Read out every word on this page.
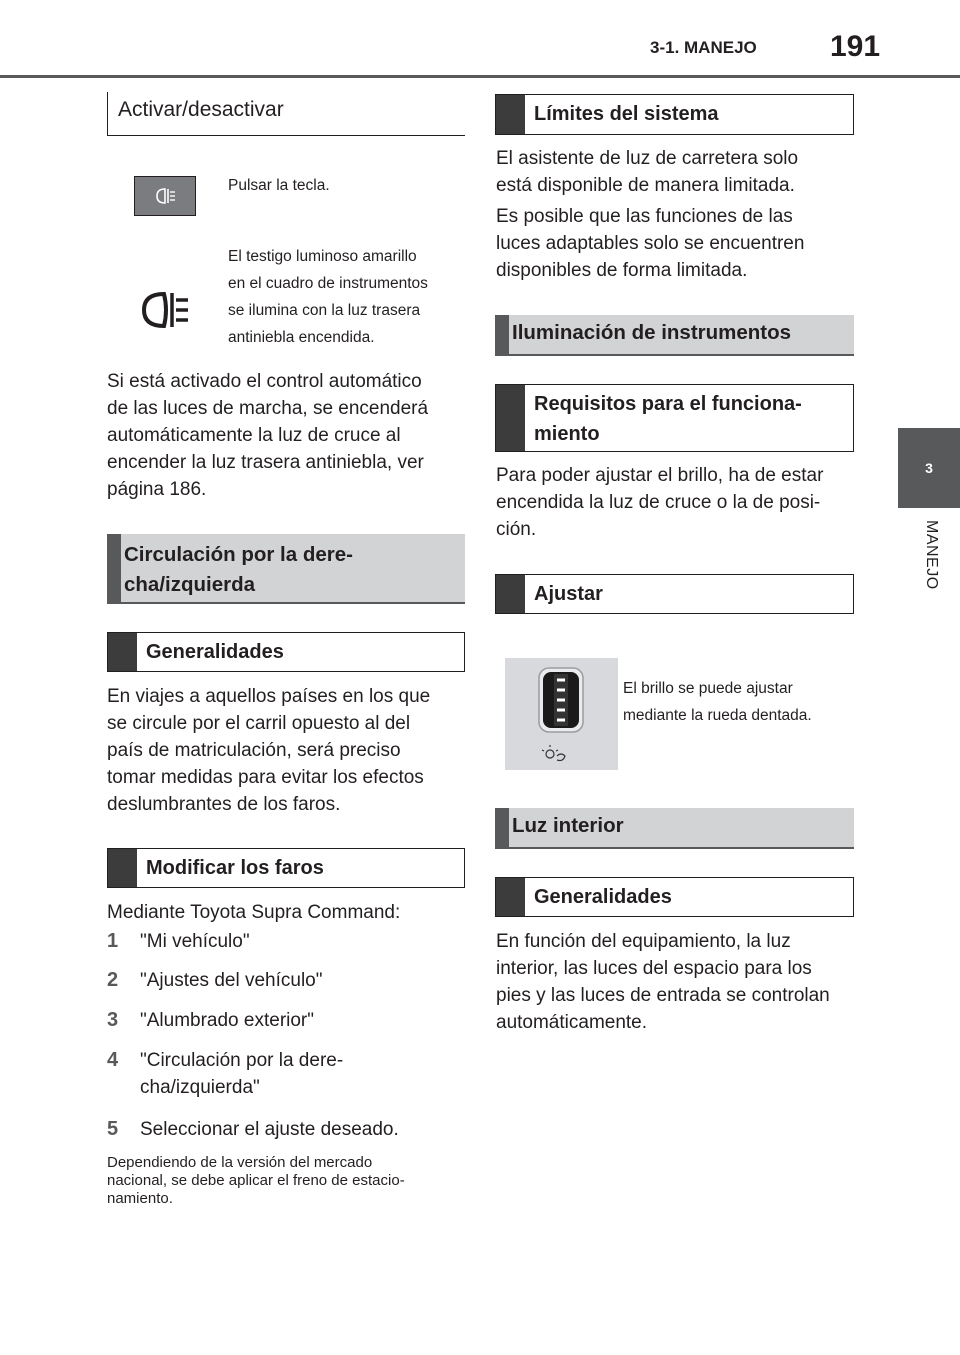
3-1. MANEJO 191
3
MANEJO
Activar/desactivar
Pulsar la tecla.
El testigo luminoso amarillo
en el cuadro de instrumentos
se ilumina con la luz trasera
antiniebla encendida.
Si está activado el control automático
de las luces de marcha, se encenderá
automáticamente la luz de cruce al
encender la luz trasera antiniebla, ver
página 186.
Circulación por la dere-
cha/izquierda
Generalidades
En viajes a aquellos países en los que
se circule por el carril opuesto al del
país de matriculación, será preciso
tomar medidas para evitar los efectos
deslumbrantes de los faros.
Modificar los faros
Mediante Toyota Supra Command:
1 "Mi vehículo"
2 "Ajustes del vehículo"
3 "Alumbrado exterior"
4 "Circulación por la dere-
cha/izquierda"
5 Seleccionar el ajuste deseado.
Dependiendo de la versión del mercado
nacional, se debe aplicar el freno de estacio-
namiento.
Límites del sistema
El asistente de luz de carretera solo
está disponible de manera limitada.
Es posible que las funciones de las
luces adaptables solo se encuentren
disponibles de forma limitada.
Iluminación de instrumentos
Requisitos para el funciona-
miento
Para poder ajustar el brillo, ha de estar
encendida la luz de cruce o la de posi-
ción.
Ajustar
El brillo se puede ajustar
mediante la rueda dentada.
Luz interior
Generalidades
En función del equipamiento, la luz
interior, las luces del espacio para los
pies y las luces de entrada se controlan
automáticamente.
